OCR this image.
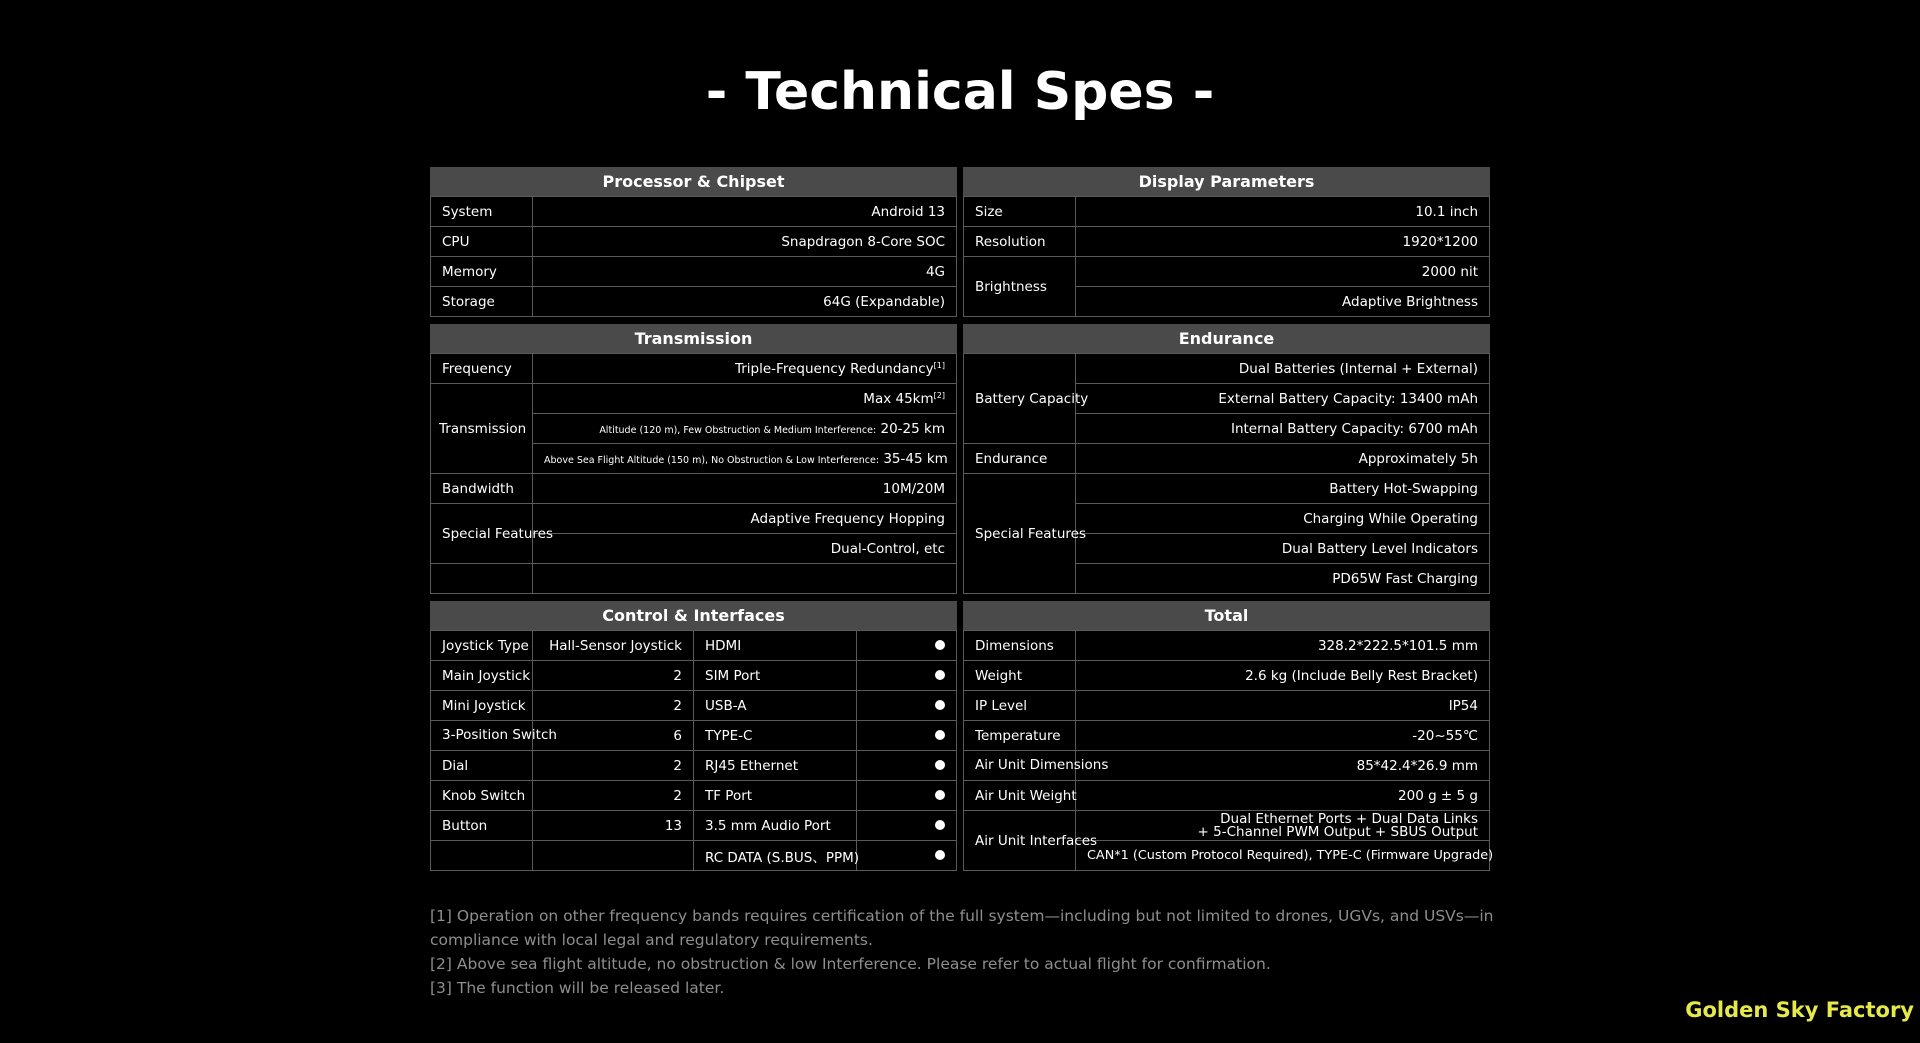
- Technical Spes -
Processor & Chipset
System	Android 13
CPU	Snapdragon 8-Core SOC
Memory	4G
Storage	64G (Expandable)
Display Parameters
Size	10.1 inch
Resolution	1920*1200
Brightness	2000 nit
	Adaptive Brightness
Transmission
Frequency	Triple-Frequency Redundancy[1]
Transmission	Max 45km[2]
	Altitude (120 m), Few Obstruction & Medium Interference: 20-25 km
	Above Sea Flight Altitude (150 m), No Obstruction & Low Interference: 35-45 km
Bandwidth	10M/20M
Special Features	Adaptive Frequency Hopping
	Dual-Control, etc

Endurance
Battery Capacity	Dual Batteries (Internal + External)
	External Battery Capacity: 13400 mAh
	Internal Battery Capacity: 6700 mAh
Endurance	Approximately 5h
Special Features	Battery Hot-Swapping
	Charging While Operating
	Dual Battery Level Indicators
	PD65W Fast Charging
Control & Interfaces
Joystick Type	Hall-Sensor Joystick	HDMI	
Main Joystick	2	SIM Port	
Mini Joystick	2	USB-A	
3-Position Switch	6	TYPE-C	
Dial	2	RJ45 Ethernet	
Knob Switch	2	TF Port	
Button	13	3.5 mm Audio Port	
		RC DATA (S.BUS、PPM)	
Total
Dimensions	328.2*222.5*101.5 mm
Weight	2.6 kg (Include Belly Rest Bracket)
IP Level	IP54
Temperature	-20~55℃
Air Unit Dimensions	85*42.4*26.9 mm
Air Unit Weight	200 g ± 5 g
Air Unit Interfaces	Dual Ethernet Ports + Dual Data Links
+ 5-Channel PWM Output + SBUS Output
	CAN*1 (Custom Protocol Required), TYPE-C (Firmware Upgrade)

[1] Operation on other frequency bands requires certification of the full system—including but not limited to drones, UGVs, and USVs—in compliance with local legal and regulatory requirements.

[2] Above sea flight altitude, no obstruction & low Interference. Please refer to actual flight for confirmation.

[3] The function will be released later.

Golden Sky Factory
